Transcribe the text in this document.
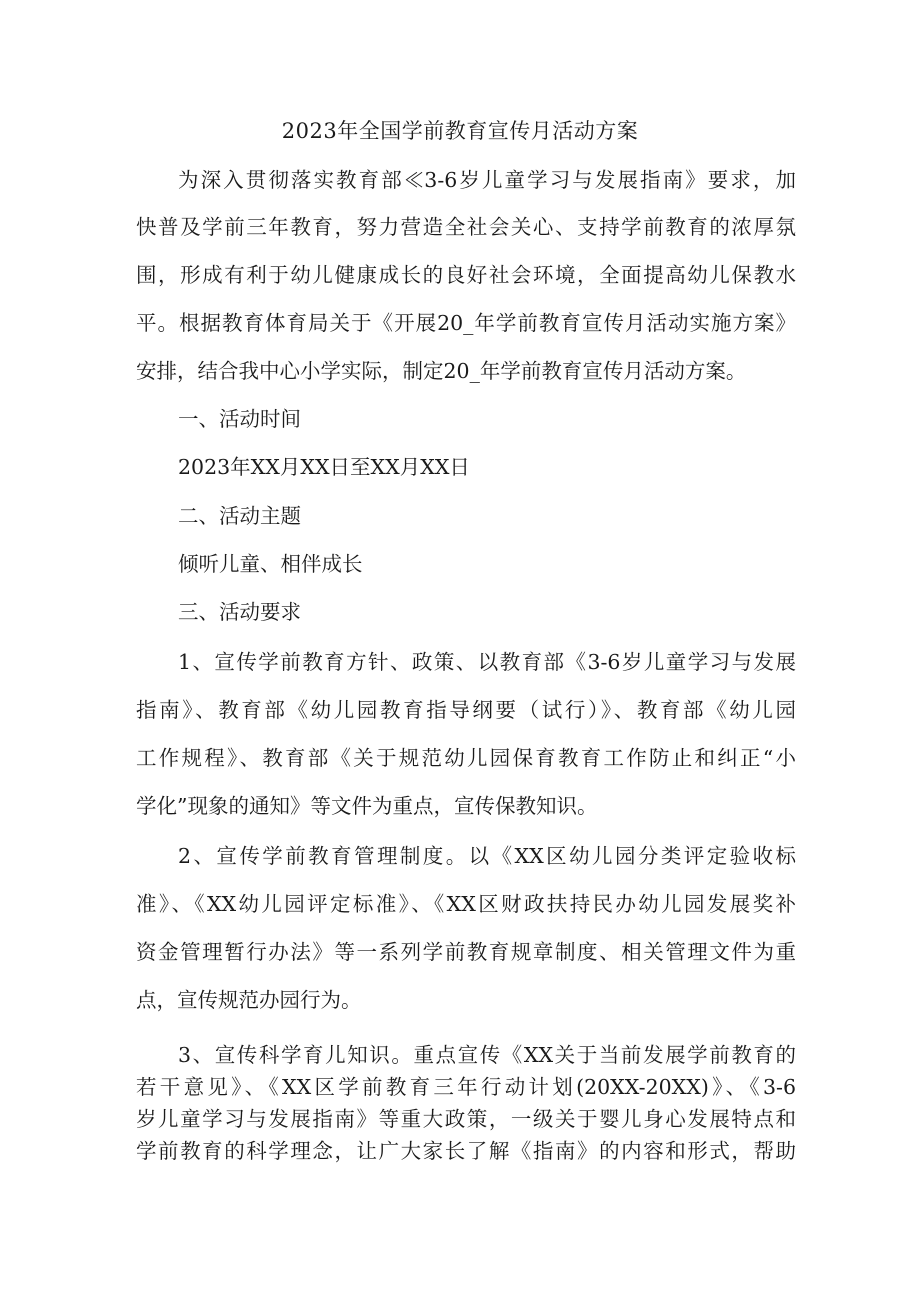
2023年全国学前教育宣传月活动方案
为深入贯彻落实教育部≪3-6岁儿童学习与发展指南》要求，加
快普及学前三年教育，努力营造全社会关心、支持学前教育的浓厚氛
围，形成有利于幼儿健康成长的良好社会环境，全面提高幼儿保教水
平。根据教育体育局关于《开展20_年学前教育宣传月活动实施方案》
安排，结合我中心小学实际，制定20_年学前教育宣传月活动方案。
一、活动时间
2023年XX月XX日至XX月XX日
二、活动主题
倾听儿童、相伴成长
三、活动要求
1、宣传学前教育方针、政策、以教育部《3-6岁儿童学习与发展
指南》、教育部《幼儿园教育指导纲要（试行）》、教育部《幼儿园
工作规程》、教育部《关于规范幼儿园保育教育工作防止和纠正“小
学化”现象的通知》等文件为重点，宣传保教知识。
2、宣传学前教育管理制度。以《XX区幼儿园分类评定验收标
准》、《XX幼儿园评定标准》、《XX区财政扶持民办幼儿园发展奖补
资金管理暂行办法》等一系列学前教育规章制度、相关管理文件为重
点，宣传规范办园行为。
3、宣传科学育儿知识。重点宣传《XX关于当前发展学前教育的
若干意见》、《XX区学前教育三年行动计划(20XX-20XX)》、《3-6
岁儿童学习与发展指南》等重大政策，一级关于婴儿身心发展特点和
学前教育的科学理念，让广大家长了解《指南》的内容和形式，帮助
